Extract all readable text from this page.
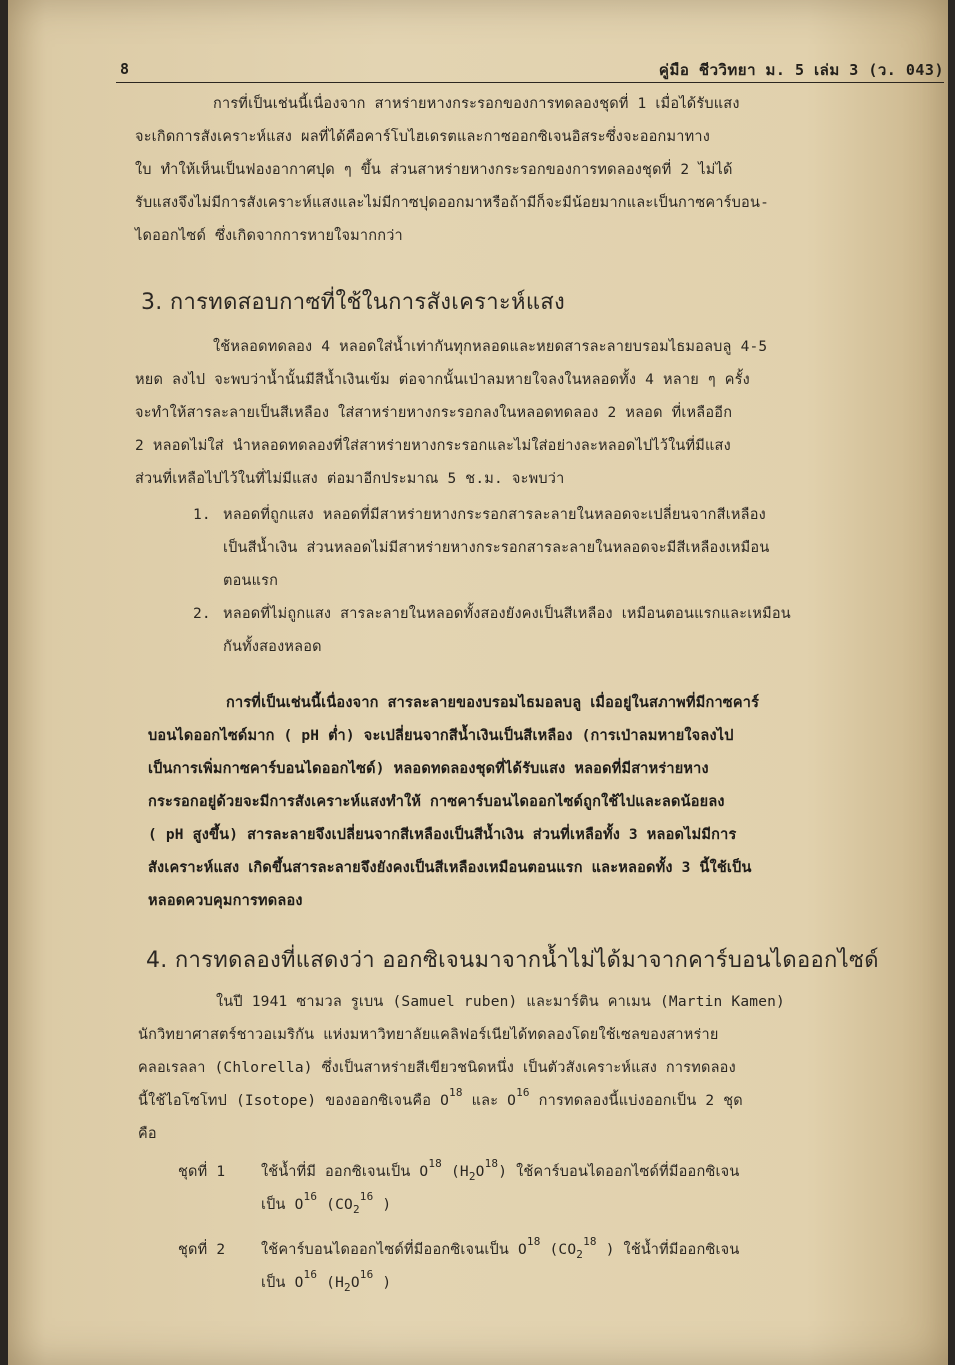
8	คู่มือ ชีววิทยา ม. 5 เล่ม 3 (ว. 043)
การที่เป็นเช่นนี้เนื่องจาก สาหร่ายหางกระรอกของการทดลองชุดที่ 1 เมื่อได้รับแสง
จะเกิดการสังเคราะห์แสง ผลที่ได้คือคาร์โบไฮเดรตและกาซออกซิเจนอิสระซึ่งจะออกมาทาง
ใบ ทำให้เห็นเป็นฟองอากาศปุด ๆ ขึ้น ส่วนสาหร่ายหางกระรอกของการทดลองชุดที่ 2 ไม่ได้
รับแสงจึงไม่มีการสังเคราะห์แสงและไม่มีกาซปุดออกมาหรือถ้ามีก็จะมีน้อยมากและเป็นกาซคาร์บอน-
ไดออกไซด์ ซึ่งเกิดจากการหายใจมากกว่า
3. การทดสอบกาซที่ใช้ในการสังเคราะห์แสง
ใช้หลอดทดลอง 4 หลอดใส่น้ำเท่ากันทุกหลอดและหยดสารละลายบรอมไธมอลบลู 4-5
หยด ลงไป จะพบว่าน้ำนั้นมีสีน้ำเงินเข้ม ต่อจากนั้นเป่าลมหายใจลงในหลอดทั้ง 4 หลาย ๆ ครั้ง
จะทำให้สารละลายเป็นสีเหลือง ใส่สาหร่ายหางกระรอกลงในหลอดทดลอง 2 หลอด ที่เหลืออีก
2 หลอดไม่ใส่ นำหลอดทดลองที่ใส่สาหร่ายหางกระรอกและไม่ใส่อย่างละหลอดไปไว้ในที่มีแสง
ส่วนที่เหลือไปไว้ในที่ไม่มีแสง ต่อมาอีกประมาณ 5 ช.ม. จะพบว่า
1. หลอดที่ถูกแสง หลอดที่มีสาหร่ายหางกระรอกสารละลายในหลอดจะเปลี่ยนจากสีเหลือง
เป็นสีน้ำเงิน ส่วนหลอดไม่มีสาหร่ายหางกระรอกสารละลายในหลอดจะมีสีเหลืองเหมือน
ตอนแรก
2. หลอดที่ไม่ถูกแสง สารละลายในหลอดทั้งสองยังคงเป็นสีเหลือง เหมือนตอนแรกและเหมือน
กันทั้งสองหลอด
การที่เป็นเช่นนี้เนื่องจาก สารละลายของบรอมไธมอลบลู เมื่ออยู่ในสภาพที่มีกาซคาร์
บอนไดออกไซด์มาก ( pH ต่ำ) จะเปลี่ยนจากสีน้ำเงินเป็นสีเหลือง (การเป่าลมหายใจลงไป
เป็นการเพิ่มกาซคาร์บอนไดออกไซด์) หลอดทดลองชุดที่ได้รับแสง หลอดที่มีสาหร่ายหาง
กระรอกอยู่ด้วยจะมีการสังเคราะห์แสงทำให้ กาซคาร์บอนไดออกไซด์ถูกใช้ไปและลดน้อยลง
( pH สูงขึ้น) สารละลายจึงเปลี่ยนจากสีเหลืองเป็นสีน้ำเงิน ส่วนที่เหลือทั้ง 3 หลอดไม่มีการ
สังเคราะห์แสง เกิดขึ้นสารละลายจึงยังคงเป็นสีเหลืองเหมือนตอนแรก และหลอดทั้ง 3 นี้ใช้เป็น
หลอดควบคุมการทดลอง
4. การทดลองที่แสดงว่า ออกซิเจนมาจากน้ำไม่ได้มาจากคาร์บอนไดออกไซด์
ในปี 1941 ซามวล รูเบน (Samuel ruben) และมาร์ติน คาเมน (Martin Kamen)
นักวิทยาศาสตร์ชาวอเมริกัน แห่งมหาวิทยาลัยแคลิฟอร์เนียได้ทดลองโดยใช้เซลของสาหร่าย
คลอเรลลา (Chlorella) ซึ่งเป็นสาหร่ายสีเขียวชนิดหนึ่ง เป็นตัวสังเคราะห์แสง การทดลอง
นี้ใช้ไอโซโทป (Isotope) ของออกซิเจนคือ $O^{18}$ และ $O^{16}$ การทดลองนี้แบ่งออกเป็น 2 ชุด
คือ
ชุดที่ 1	ใช้น้ำที่มี ออกซิเจนเป็น $O^{18}$ $(H_2O^{18})$ ใช้คาร์บอนไดออกไซด์ที่มีออกซิเจน
เป็น $O^{16}$ ($CO_2^{16}$ )
ชุดที่ 2	ใช้คาร์บอนไดออกไซด์ที่มีออกซิเจนเป็น $O^{18}$ ($CO_2^{18}$ ) ใช้น้ำที่มีออกซิเจน
เป็น $O^{16}$ ($H_2O^{16}$ )
